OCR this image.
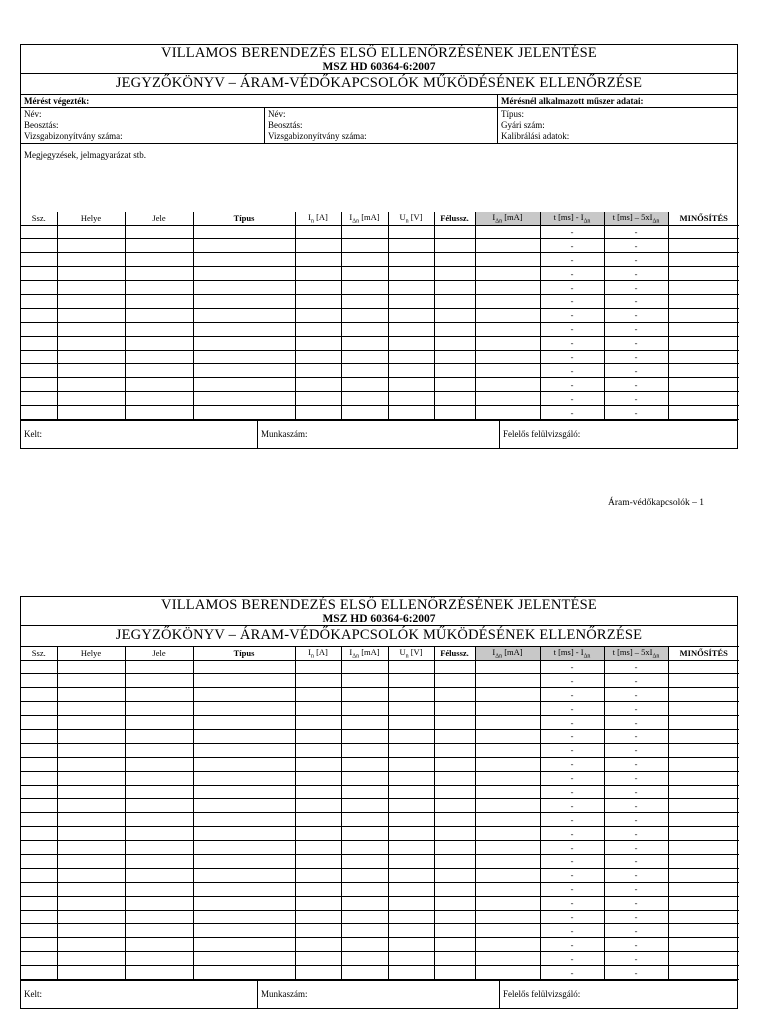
VILLAMOS BERENDEZÉS ELSŐ ELLENŐRZÉSÉNEK JELENTÉSE
MSZ HD 60364-6:2007
JEGYZŐKÖNYV – ÁRAM-VÉDŐKAPCSOLÓK MŰKÖDÉSÉNEK ELLENŐRZÉSE
Mérést végezték:	Mérésnél alkalmazott műszer adatai:
Név:
Beosztás:
Vizsgabizonyítvány száma:
Név:
Beosztás:
Vizsgabizonyítvány száma:
Típus:
Gyári szám:
Kalibrálási adatok:
Megjegyzések, jelmagyarázat stb.
Ssz.	Helye	Jele	Típus	$I_n$ [A]	$I_{\Delta n}$ [mA]	$U_n$ [V]	Félussz.	$I_{\Delta n}$ [mA]	t $[ms] - I_{\Delta n}$	t $[ms] - 5xI_{\Delta n}$	MINŐSÍTÉS
									-	-	
									-	-	
									-	-	
									-	-	
									-	-	
									-	-	
									-	-	
									-	-	
									-	-	
									-	-	
									-	-	
									-	-	
									-	-	
									-	-	
Kelt:	Munkaszám:	Felelős felülvizsgáló:
Áram-védőkapcsolók – 1
VILLAMOS BERENDEZÉS ELSŐ ELLENŐRZÉSÉNEK JELENTÉSE
MSZ HD 60364-6:2007
JEGYZŐKÖNYV – ÁRAM-VÉDŐKAPCSOLÓK MŰKÖDÉSÉNEK ELLENŐRZÉSE
Ssz.	Helye	Jele	Típus	$I_n$ [A]	$I_{\Delta n}$ [mA]	$U_n$ [V]	Félussz.	$I_{\Delta n}$ [mA]	t $[ms] - I_{\Delta n}$	t $[ms] - 5xI_{\Delta n}$	MINŐSÍTÉS
									-	-	
									-	-	
									-	-	
									-	-	
									-	-	
									-	-	
									-	-	
									-	-	
									-	-	
									-	-	
									-	-	
									-	-	
									-	-	
									-	-	
									-	-	
									-	-	
									-	-	
									-	-	
									-	-	
									-	-	
									-	-	
									-	-	
									-	-	
Kelt:	Munkaszám:	Felelős felülvizsgáló:
